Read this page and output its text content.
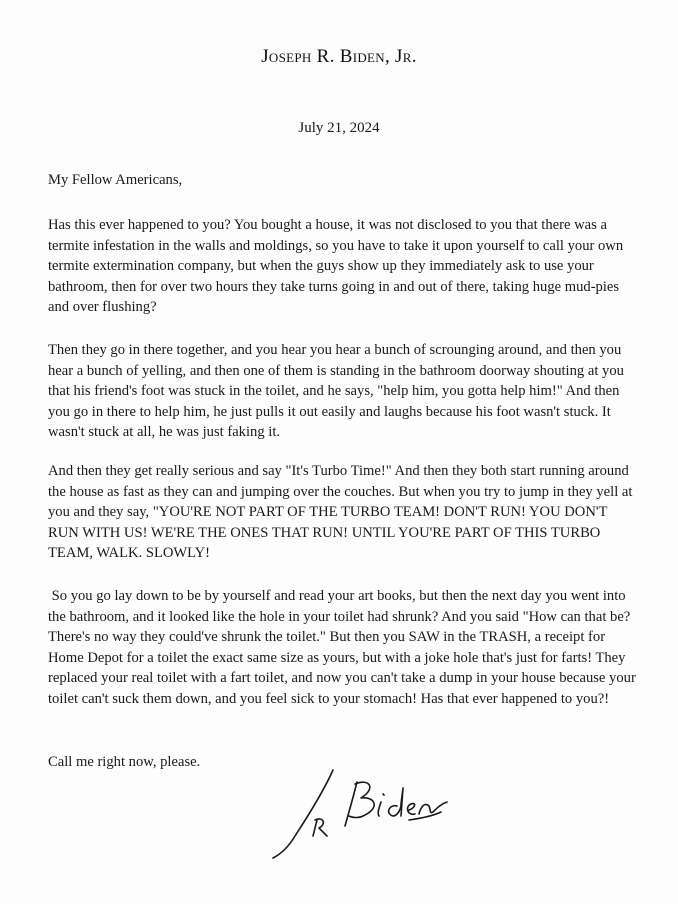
Joseph R. Biden, Jr.
July 21, 2024

My Fellow Americans,

Has this ever happened to you? You bought a house, it was not disclosed to you that there was a termite infestation in the walls and moldings, so you have to take it upon yourself to call your own termite extermination company, but when the guys show up they immediately ask to use your bathroom, then for over two hours they take turns going in and out of there, taking huge mud-pies and over flushing?

Then they go in there together, and you hear you hear a bunch of scrounging around, and then you hear a bunch of yelling, and then one of them is standing in the bathroom doorway shouting at you that his friend's foot was stuck in the toilet, and he says, "help him, you gotta help him!" And then you go in there to help him, he just pulls it out easily and laughs because his foot wasn't stuck. It wasn't stuck at all, he was just faking it.

And then they get really serious and say "It's Turbo Time!" And then they both start running around the house as fast as they can and jumping over the couches. But when you try to jump in they yell at you and they say, "YOU'RE NOT PART OF THE TURBO TEAM! DON'T RUN! YOU DON'T RUN WITH US! WE'RE THE ONES THAT RUN! UNTIL YOU'RE PART OF THIS TURBO TEAM, WALK. SLOWLY!

So you go lay down to be by yourself and read your art books, but then the next day you went into the bathroom, and it looked like the hole in your toilet had shrunk? And you said "How can that be? There's no way they could've shrunk the toilet." But then you SAW in the TRASH, a receipt for Home Depot for a toilet the exact same size as yours, but with a joke hole that's just for farts! They replaced your real toilet with a fart toilet, and now you can't take a dump in your house because your toilet can't suck them down, and you feel sick to your stomach! Has that ever happened to you?!

Call me right now, please.
